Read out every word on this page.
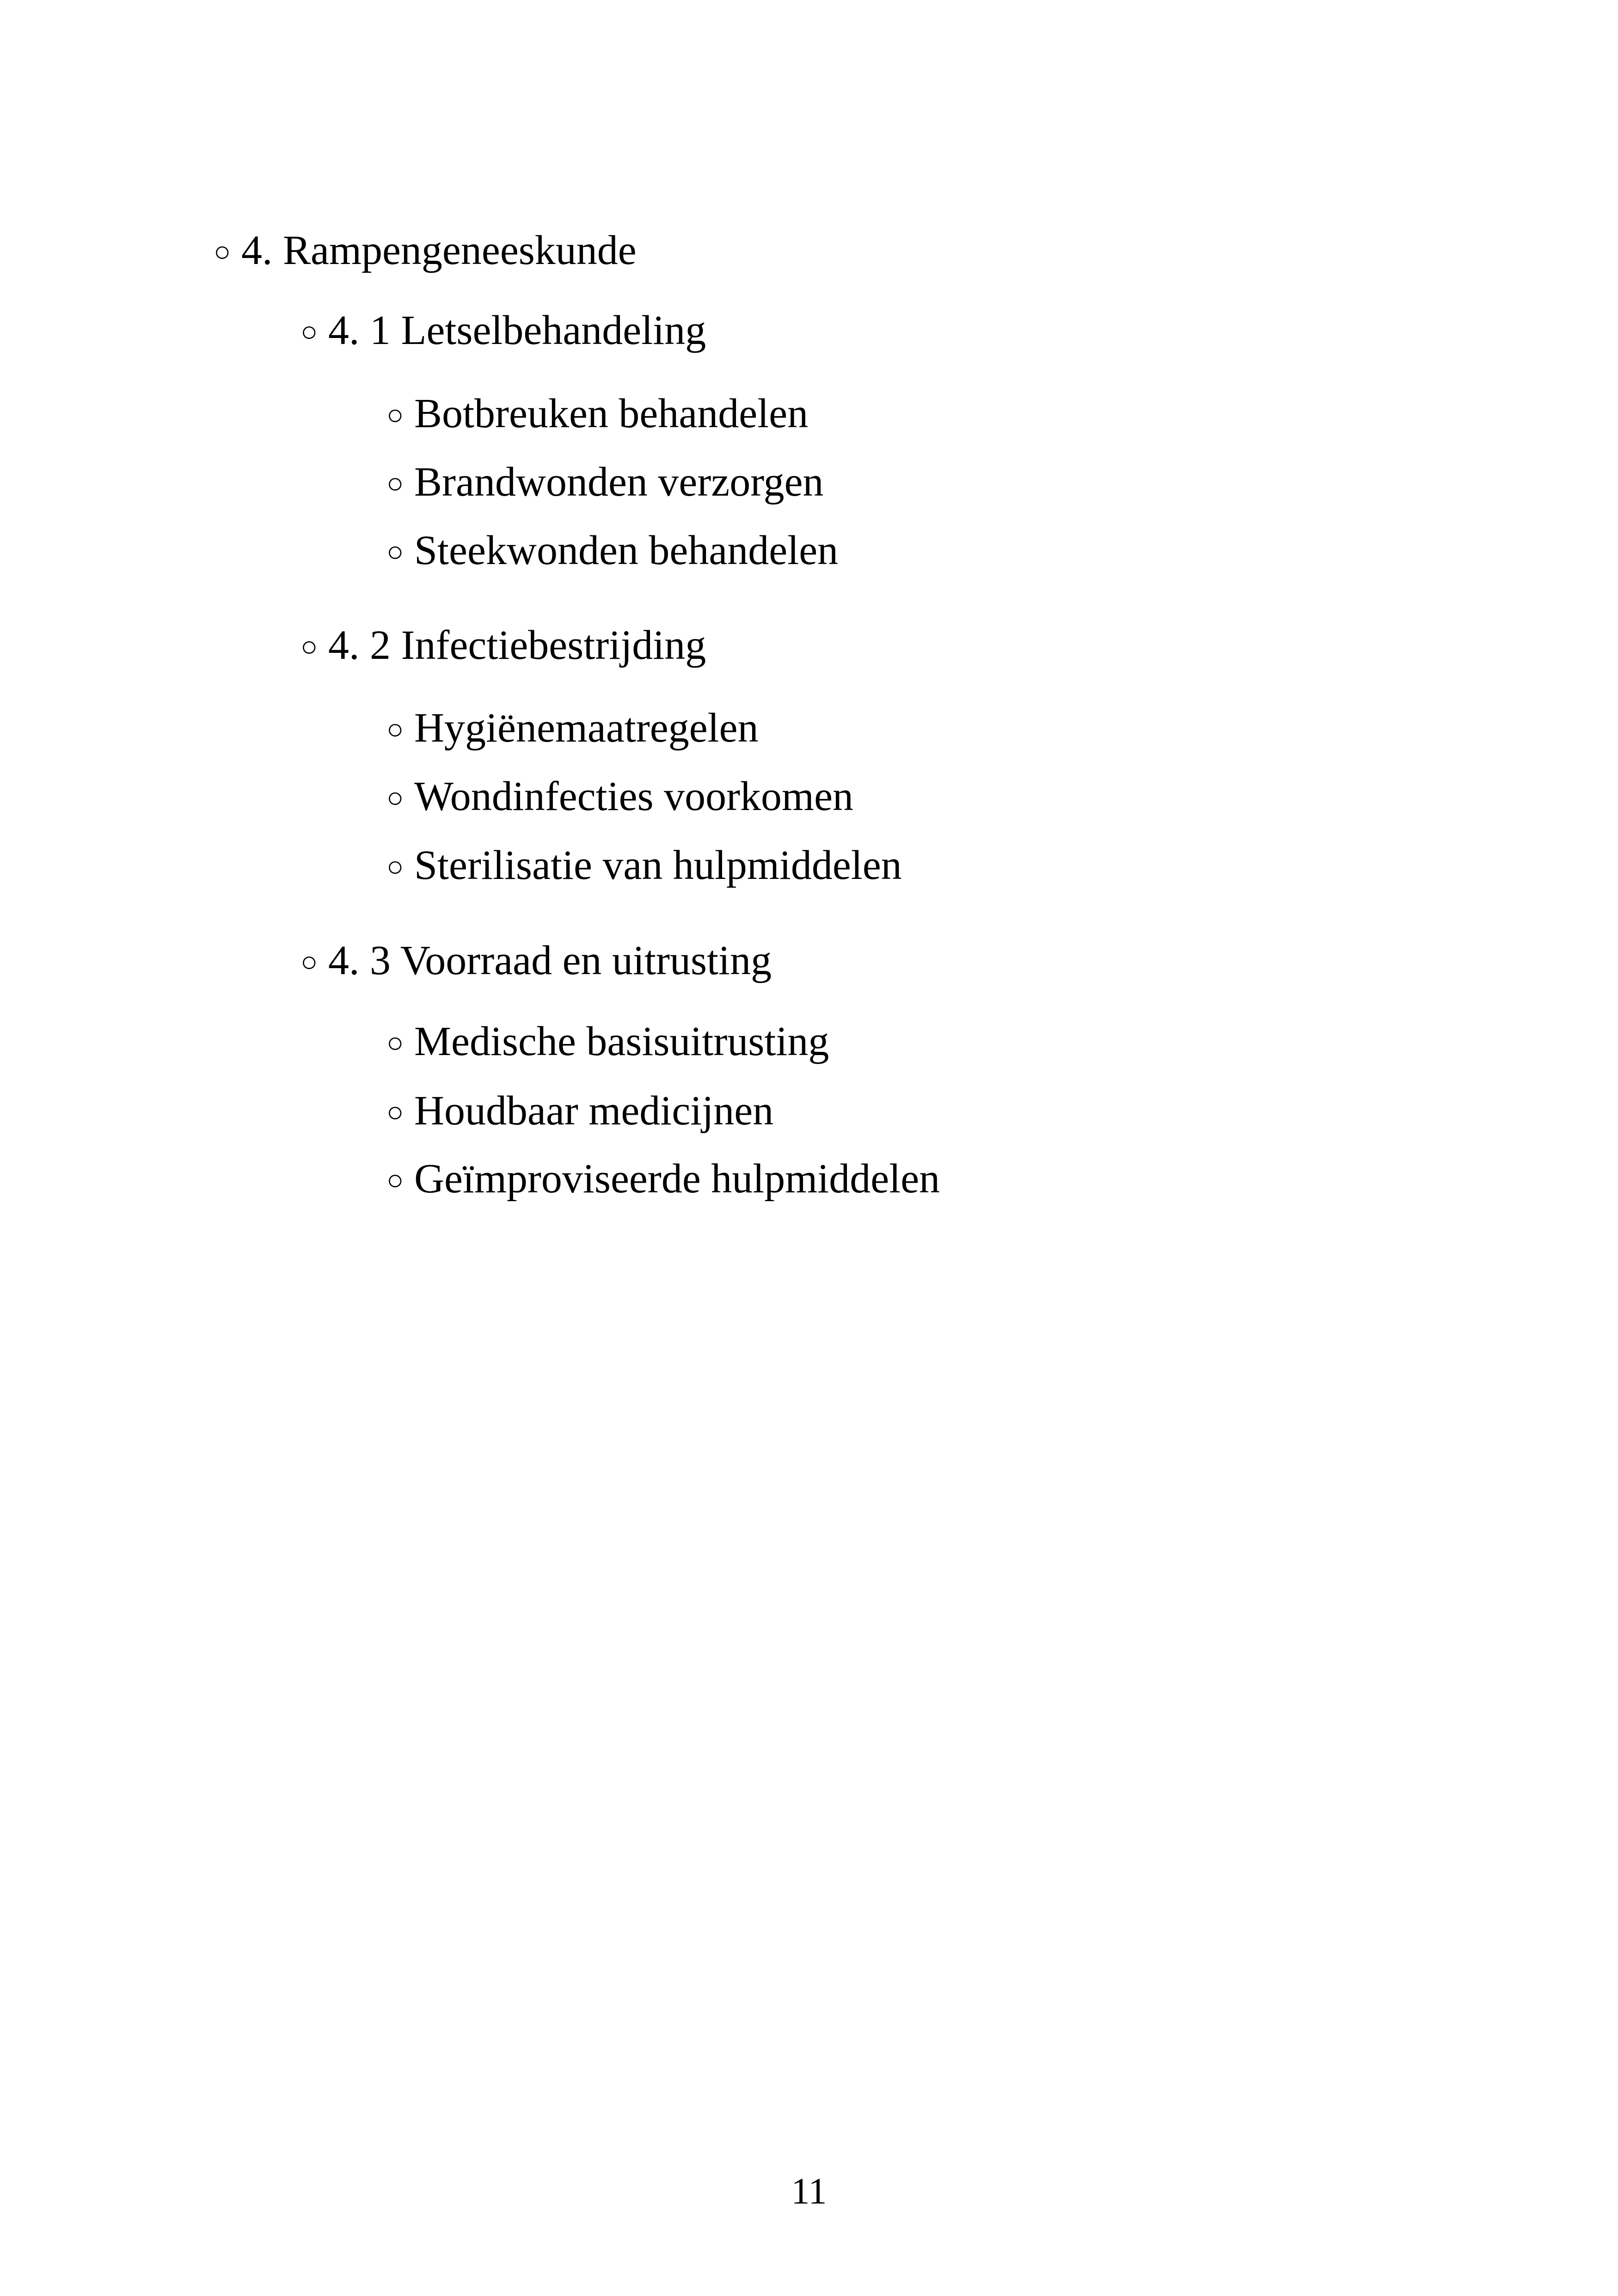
○ 4. Rampengeneeskunde
○ 4. 1 Letselbehandeling
○ Botbreuken behandelen
○ Brandwonden verzorgen
○ Steekwonden behandelen
○ 4. 2 Infectiebestrijding
○ Hygiënemaatregelen
○ Wondinfecties voorkomen
○ Sterilisatie van hulpmiddelen
○ 4. 3 Voorraad en uitrusting
○ Medische basisuitrusting
○ Houdbaar medicijnen
○ Geïmproviseerde hulpmiddelen
11
